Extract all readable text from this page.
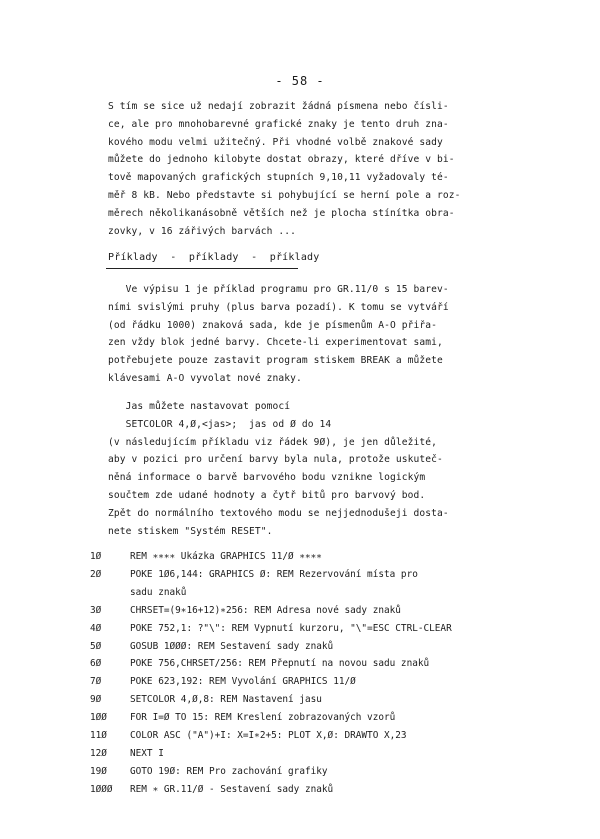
- 58 -
S tím se sice už nedají zobrazit žádná písmena nebo čísli-
ce, ale pro mnohobarevné grafické znaky je tento druh zna-
kového modu velmi užitečný. Při vhodné volbě znakové sady
můžete do jednoho kilobyte dostat obrazy, které dříve v bi-
tově mapovaných grafických stupních 9,10,11 vyžadovaly té-
měř 8 kB. Nebo představte si pohybující se herní pole a roz-
měrech několikanásobně větších než je plocha stínítka obra-
zovky, v 16 zářivých barvách ...
Příklady  -  příklady  -  příklady
Ve výpisu 1 je příklad programu pro GR.11/0 s 15 barev-
ními svislými pruhy (plus barva pozadí). K tomu se vytváří
(od řádku 1000) znaková sada, kde je písmenům A-O přiřa-
zen vždy blok jedné barvy. Chcete-li experimentovat sami,
potřebujete pouze zastavit program stiskem BREAK a můžete
klávesami A-O vyvolat nové znaky.
Jas můžete nastavovat pomocí
SETCOLOR 4,Ø,<jas>;  jas od Ø do 14
(v následujícím příkladu viz řádek 9Ø), je jen důležité,
aby v pozici pro určení barvy byla nula, protože uskuteč-
něná informace o barvě barvového bodu vznikne logickým
součtem zde udané hodnoty a čytř bitů pro barvový bod.
Zpět do normálního textového modu se nejjednodušeji dosta-
nete stiskem "Systém RESET".
1Ø	REM ∗∗∗∗ Ukázka GRAPHICS 11/Ø ∗∗∗∗
2Ø	POKE 1Ø6,144: GRAPHICS Ø: REM Rezervování místa pro
sadu znaků
3Ø	CHRSET=(9∗16+12)∗256: REM Adresa nové sady znaků
4Ø	POKE 752,1: ?"\": REM Vypnutí kurzoru, "\"=ESC CTRL-CLEAR
5Ø	GOSUB 1ØØØ: REM Sestavení sady znaků
6Ø	POKE 756,CHRSET/256: REM Přepnutí na novou sadu znaků
7Ø	POKE 623,192: REM Vyvolání GRAPHICS 11/Ø
9Ø	SETCOLOR 4,Ø,8: REM Nastavení jasu
1ØØ	FOR I=Ø TO 15: REM Kreslení zobrazovaných vzorů
11Ø	COLOR ASC ("A")+I: X=I∗2+5: PLOT X,Ø: DRAWTO X,23
12Ø	NEXT I
19Ø	GOTO 19Ø: REM Pro zachování grafiky
1ØØØ	REM ∗ GR.11/Ø - Sestavení sady znaků
